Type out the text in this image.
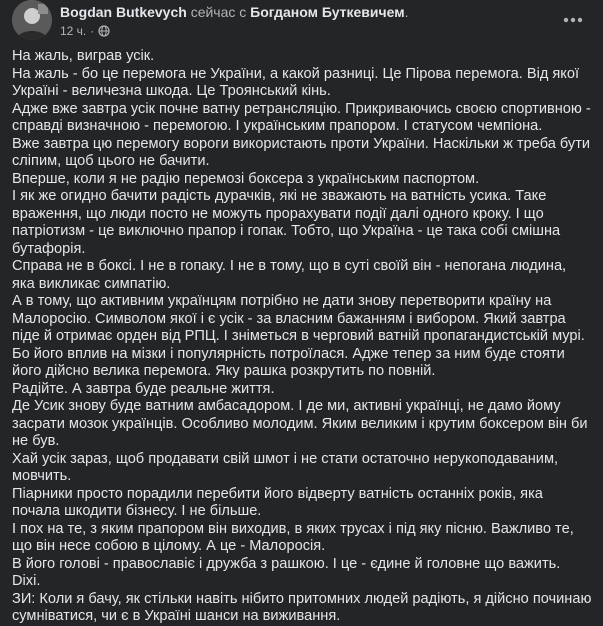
Bogdan Butkevych сейчас с Богданом Буткевичем.
12 ч. ·

На жаль, виграв усік.

На жаль - бо це перемога не України, а какой разниці. Це Пірова перемога. Від якої Україні - величезна шкода. Це Троянський кінь.

Адже вже завтра усік почне ватну ретрансляцію. Прикриваючись своєю спортивною - справді визначною - перемогою. І українським прапором. І статусом чемпіона.

Вже завтра цю перемогу вороги використають проти України. Наскільки ж треба бути сліпим, щоб цього не бачити.

Вперше, коли я не радію перемозі боксера з українським паспортом.

І як же огидно бачити радість дурачків, які не зважають на ватність усика. Таке враження, що люди посто не можуть прорахувати події далі одного кроку. І що патріотизм - це виключно прапор і гопак. Тобто, що Україна - це така собі смішна бутафорія.

Справа не в боксі. І не в гопаку. І не в тому, що в суті своїй він - непогана людина, яка викликає симпатію.

А в тому, що активним українцям потрібно не дати знову перетворити країну на Малоросію. Символом якої і є усік - за власним бажанням і вибором. Який завтра піде й отримає орден від РПЦ. І зніметься в черговий ватній пропагандистській мурі. Бо його вплив на мізки і популярність потроїлася. Адже тепер за ним буде стояти його дійсно велика перемога. Яку рашка розкрутить по повній.

Радійте. А завтра буде реальне життя.

Де Усик знову буде ватним амбасадором. І де ми, активні українці, не дамо йому засрати мозок українців. Особливо молодим. Яким великим і крутим боксером він би не був.

Хай усік зараз, щоб продавати свій шмот і не стати остаточно нерукоподаваним, мовчить.

Піарники просто порадили перебити його відверту ватність останніх років, яка почала шкодити бізнесу. І не більше.

І пох на те, з яким прапором він виходив, в яких трусах і під яку пісню. Важливо те, що він несе собою в цілому. А це - Малоросія.

В його голові - православіє і дружба з рашкою. І це - єдине й головне що важить. Dixi.

ЗИ: Коли я бачу, як стільки навіть нібито притомних людей радіють, я дійсно починаю сумніватися, чи є в Україні шанси на виживання.
